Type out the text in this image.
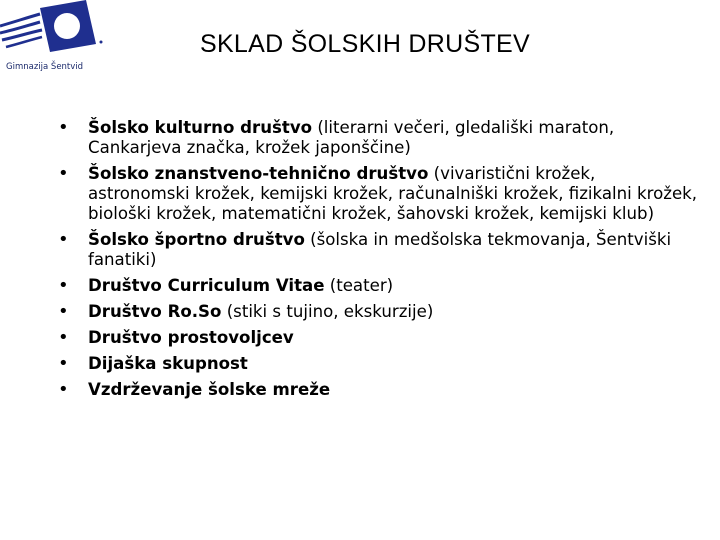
Gimnazija Šentvid
SKLAD ŠOLSKIH DRUŠTEV
• Šolsko kulturno društvo (literarni večeri, gledališki maraton, Cankarjeva značka, krožek japonščine)
• Šolsko znanstveno-tehnično društvo (vivaristični krožek, astronomski krožek, kemijski krožek, računalniški krožek, fizikalni krožek, biološki krožek, matematični krožek, šahovski krožek, kemijski klub)
• Šolsko športno društvo (šolska in medšolska tekmovanja, Šentviški fanatiki)
• Društvo Curriculum Vitae (teater)
• Društvo Ro.So (stiki s tujino, ekskurzije)
• Društvo prostovoljcev
• Dijaška skupnost
• Vzdrževanje šolske mreže
